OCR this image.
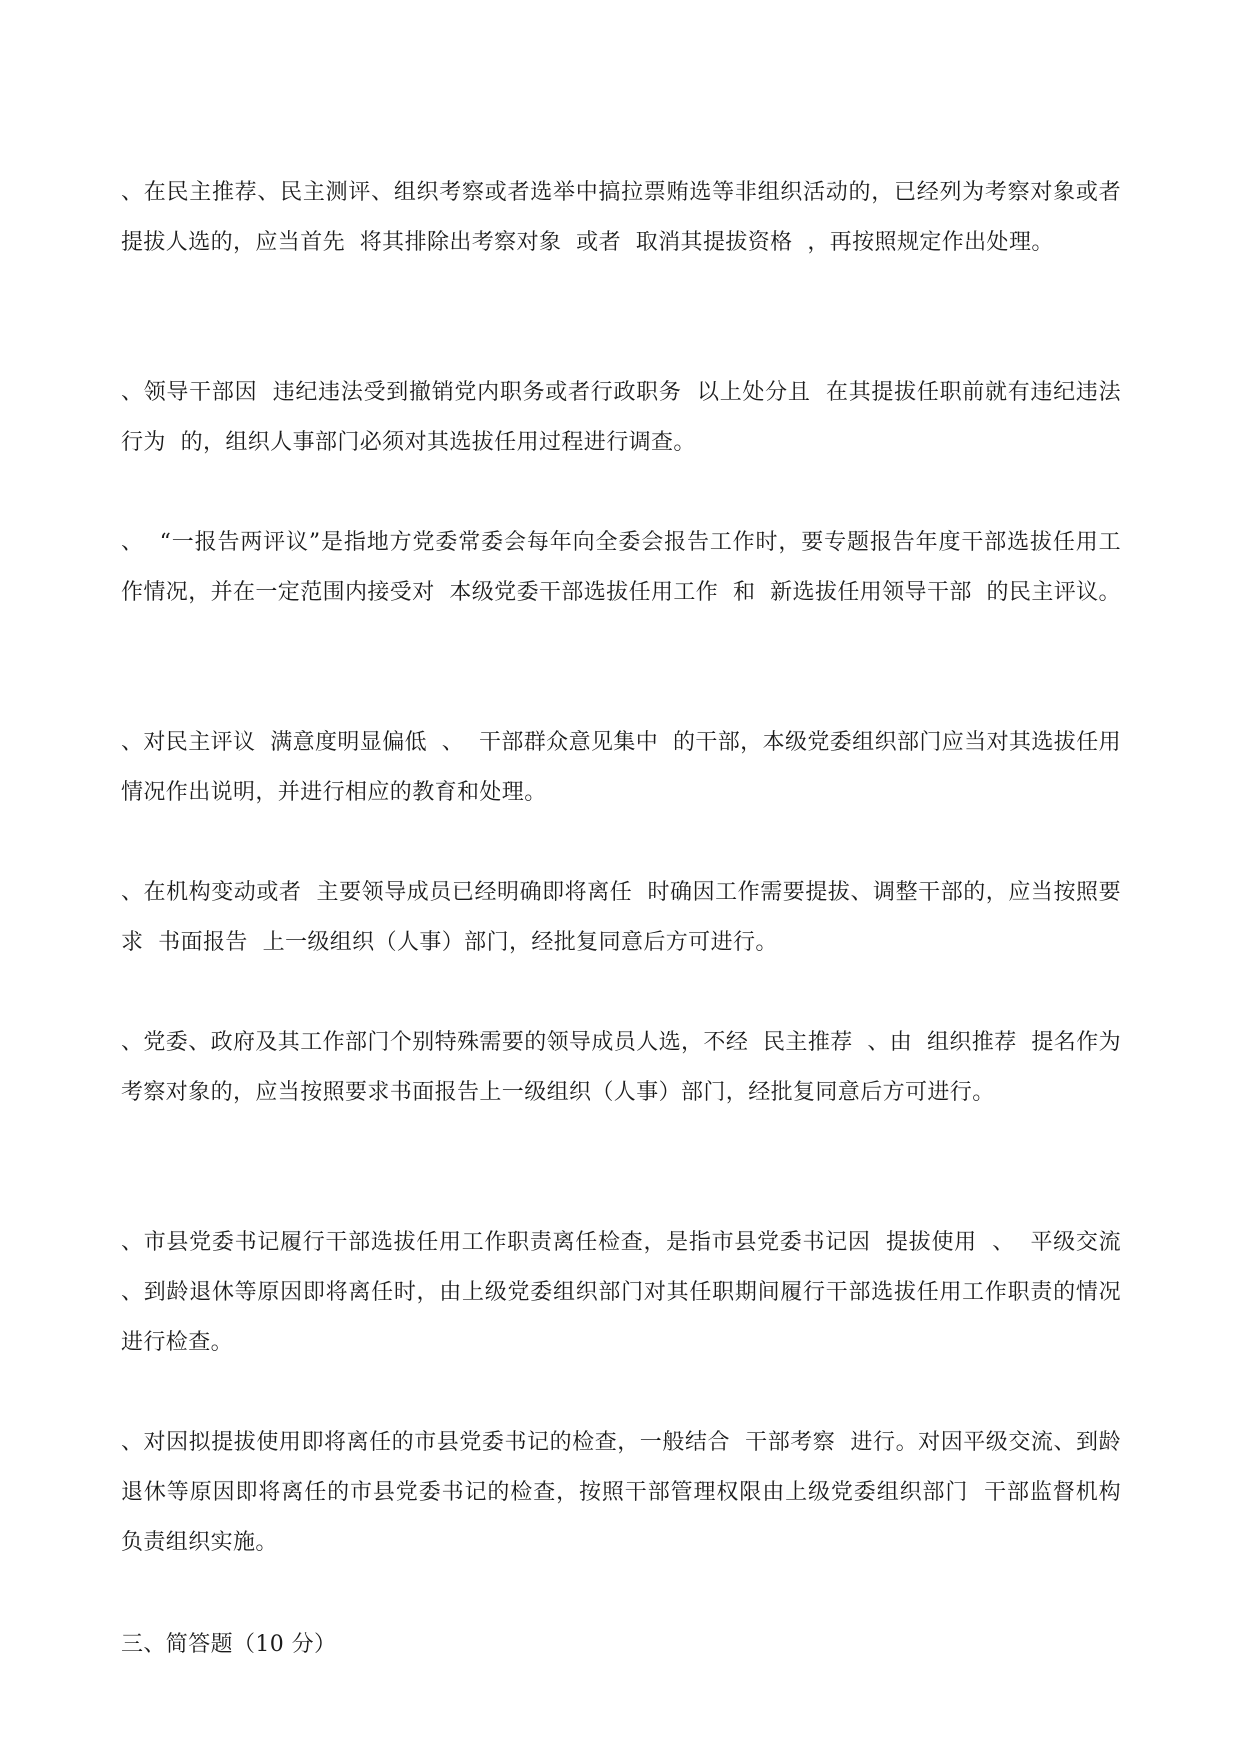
、在民主推荐、民主测评、组织考察或者选举中搞拉票贿选等非组织活动的，已经列为考察对象或者提拔人选的，应当首先  将其排除出考察对象  或者  取消其提拔资格  ，再按照规定作出处理。

、领导干部因  违纪违法受到撤销党内职务或者行政职务  以上处分且  在其提拔任职前就有违纪违法行为  的，组织人事部门必须对其选拔任用过程进行调查。

、  “一报告两评议”是指地方党委常委会每年向全委会报告工作时，要专题报告年度干部选拔任用工作情况，并在一定范围内接受对  本级党委干部选拔任用工作  和  新选拔任用领导干部  的民主评议。

、对民主评议  满意度明显偏低  、  干部群众意见集中  的干部，本级党委组织部门应当对其选拔任用情况作出说明，并进行相应的教育和处理。

、在机构变动或者  主要领导成员已经明确即将离任  时确因工作需要提拔、调整干部的，应当按照要求  书面报告  上一级组织（人事）部门，经批复同意后方可进行。

、党委、政府及其工作部门个别特殊需要的领导成员人选，不经  民主推荐  、由  组织推荐  提名作为考察对象的，应当按照要求书面报告上一级组织（人事）部门，经批复同意后方可进行。

、市县党委书记履行干部选拔任用工作职责离任检查，是指市县党委书记因  提拔使用  、  平级交流  、到龄退休等原因即将离任时，由上级党委组织部门对其任职期间履行干部选拔任用工作职责的情况进行检查。

、对因拟提拔使用即将离任的市县党委书记的检查，一般结合  干部考察  进行。对因平级交流、到龄退休等原因即将离任的市县党委书记的检查，按照干部管理权限由上级党委组织部门  干部监督机构  负责组织实施。

三、简答题（10 分）
